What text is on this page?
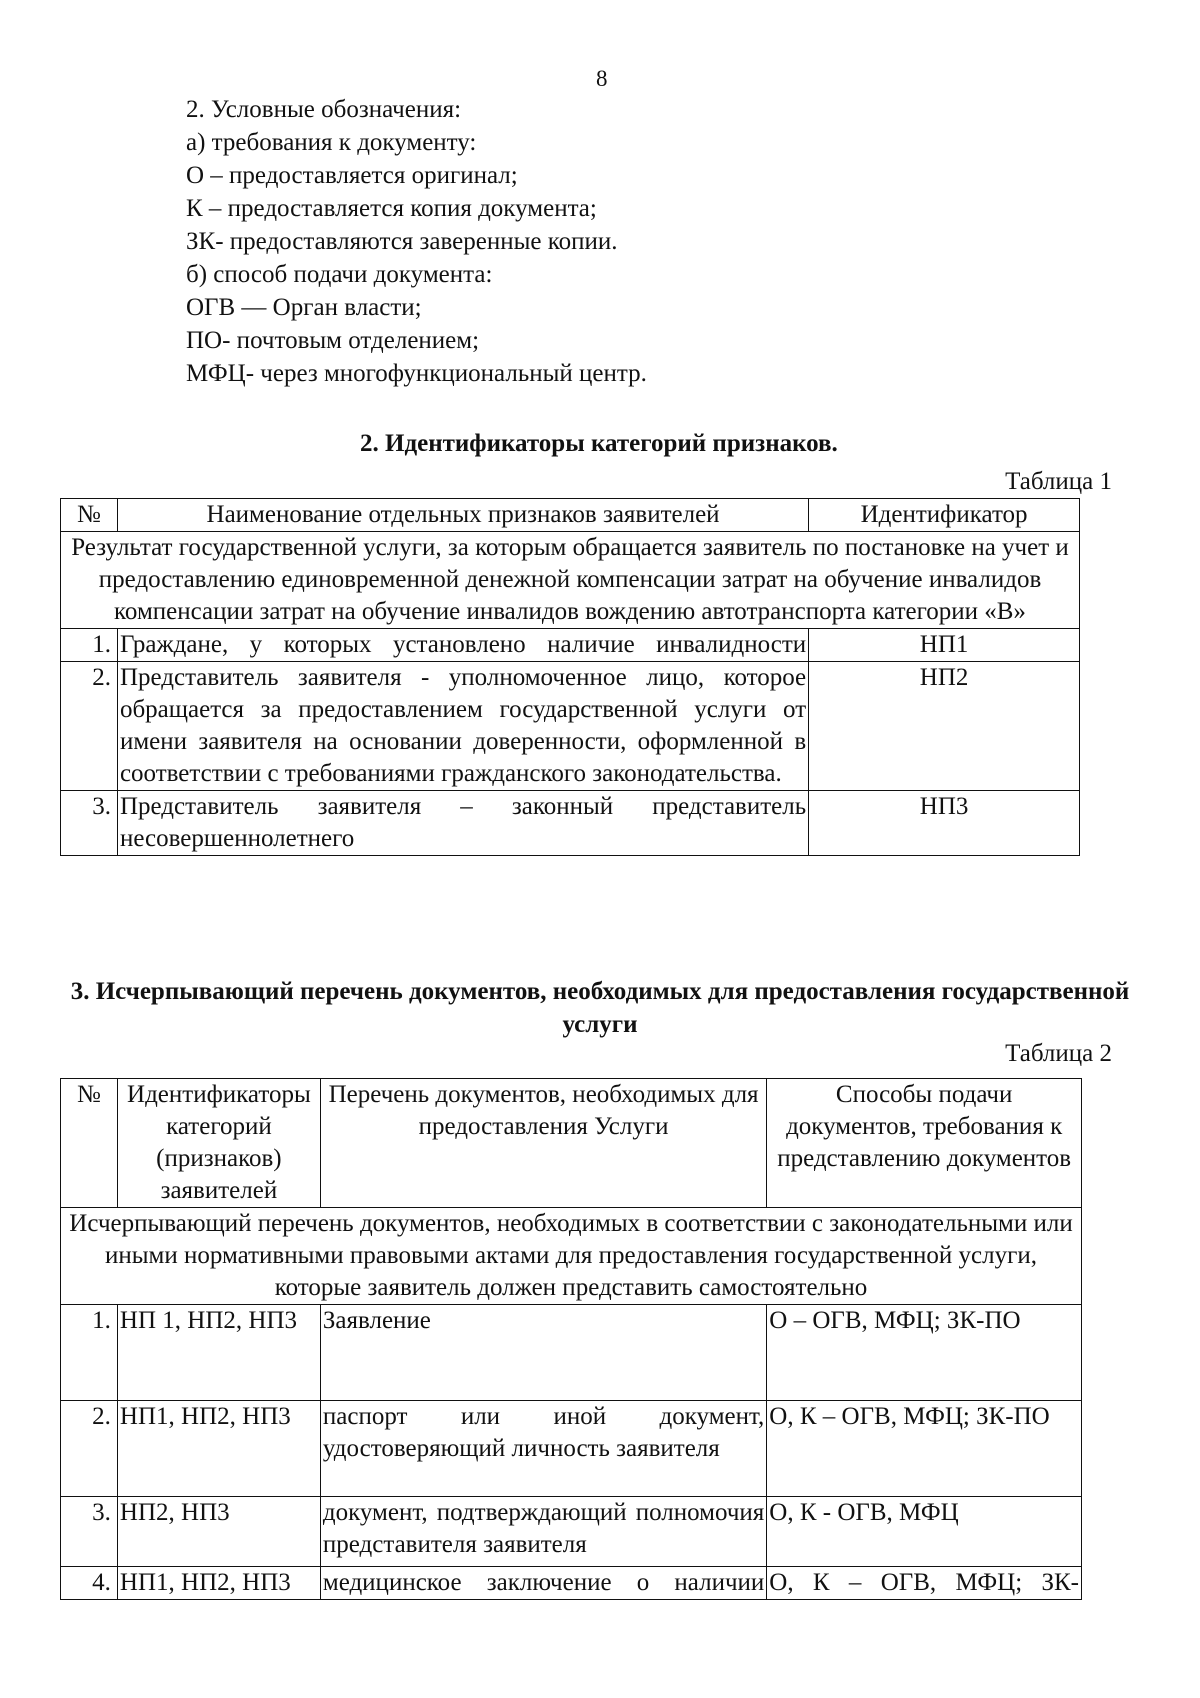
8
2. Условные обозначения:
а) требования к документу:
О – предоставляется оригинал;
К – предоставляется копия документа;
ЗК- предоставляются заверенные копии.
б) способ подачи документа:
ОГВ — Орган власти;
ПО- почтовым отделением;
МФЦ- через многофункциональный центр.
2. Идентификаторы категорий признаков.
Таблица 1
№	Наименование отдельных признаков заявителей	Идентификатор
Результат государственной услуги, за которым обращается заявитель по постановке на учет и предоставлению единовременной денежной компенсации затрат на обучение инвалидов компенсации затрат на обучение инвалидов вождению автотранспорта категории «В»		
1.	Граждане, у которых установлено наличие инвалидности	НП1
2.	Представитель заявителя - уполномоченное лицо, которое обращается за предоставлением государственной услуги от имени заявителя на основании доверенности, оформленной в соответствии с требованиями гражданского законодательства.	НП2
3.	Представитель заявителя – законный представитель несовершеннолетнего	НП3
3. Исчерпывающий перечень документов, необходимых для предоставления государственной услуги
Таблица 2
№	Идентификаторы категорий (признаков) заявителей	Перечень документов, необходимых для предоставления Услуги	Способы подачи документов, требования к представлению документов
Исчерпывающий перечень документов, необходимых в соответствии с законодательными или иными нормативными правовыми актами для предоставления государственной услуги, которые заявитель должен представить самостоятельно			
1.	НП 1, НП2, НП3	Заявление	О – ОГВ, МФЦ; ЗК-ПО
2.	НП1, НП2, НП3	паспорт или иной документ, удостоверяющий личность заявителя	О, К – ОГВ, МФЦ; ЗК-ПО
3.	НП2, НП3	документ, подтверждающий полномочия представителя заявителя	О, К - ОГВ, МФЦ
4.	НП1, НП2, НП3	медицинское заключение о наличии	О, К – ОГВ, МФЦ; ЗК-
